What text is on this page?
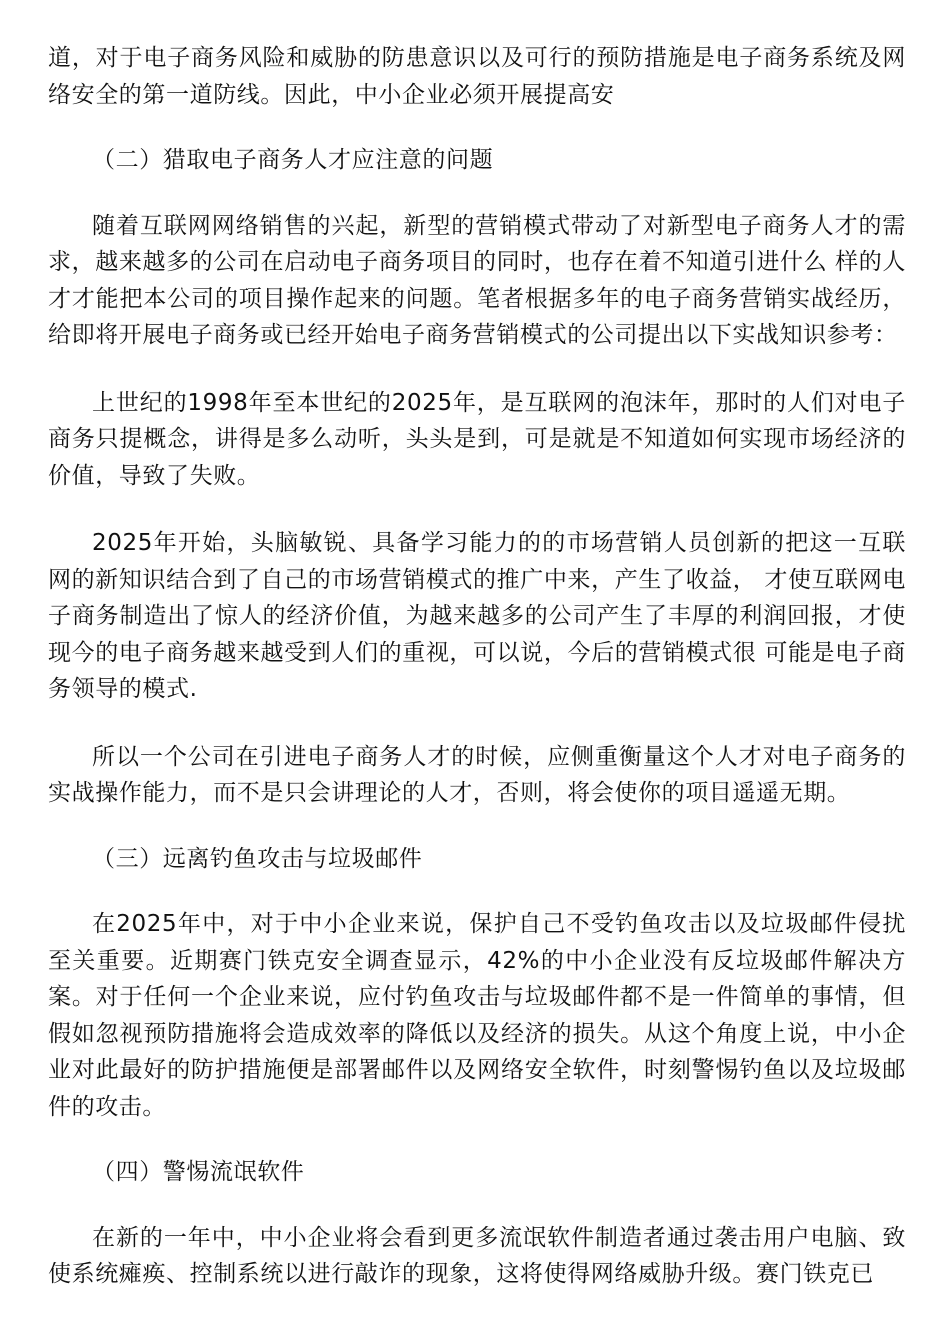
道，对于电子商务风险和威胁的防患意识以及可行的预防措施是电子商务系统及网络安全的第一道防线。因此，中小企业必须开展提高安

（二）猎取电子商务人才应注意的问题

随着互联网网络销售的兴起，新型的营销模式带动了对新型电子商务人才的需求，越来越多的公司在启动电子商务项目的同时，也存在着不知道引进什么 样的人才才能把本公司的项目操作起来的问题。笔者根据多年的电子商务营销实战经历，给即将开展电子商务或已经开始电子商务营销模式的公司提出以下实战知识参考：

上世纪的1998年至本世纪的2025年，是互联网的泡沫年，那时的人们对电子商务只提概念，讲得是多么动听，头头是到，可是就是不知道如何实现市场经济的价值，导致了失败。

2025年开始，头脑敏锐、具备学习能力的的市场营销人员创新的把这一互联网的新知识结合到了自己的市场营销模式的推广中来，产生了收益， 才使互联网电子商务制造出了惊人的经济价值，为越来越多的公司产生了丰厚的利润回报，才使现今的电子商务越来越受到人们的重视，可以说，今后的营销模式很 可能是电子商务领导的模式.

所以一个公司在引进电子商务人才的时候，应侧重衡量这个人才对电子商务的实战操作能力，而不是只会讲理论的人才，否则，将会使你的项目遥遥无期。

（三）远离钓鱼攻击与垃圾邮件

在2025年中，对于中小企业来说，保护自己不受钓鱼攻击以及垃圾邮件侵扰至关重要。近期赛门铁克安全调查显示，42%的中小企业没有反垃圾邮件解决方案。对于任何一个企业来说，应付钓鱼攻击与垃圾邮件都不是一件简单的事情，但假如忽视预防措施将会造成效率的降低以及经济的损失。从这个角度上说，中小企业对此最好的防护措施便是部署邮件以及网络安全软件，时刻警惕钓鱼以及垃圾邮件的攻击。

（四）警惕流氓软件

在新的一年中，中小企业将会看到更多流氓软件制造者通过袭击用户电脑、致使系统瘫痪、控制系统以进行敲诈的现象，这将使得网络威胁升级。赛门铁克已
